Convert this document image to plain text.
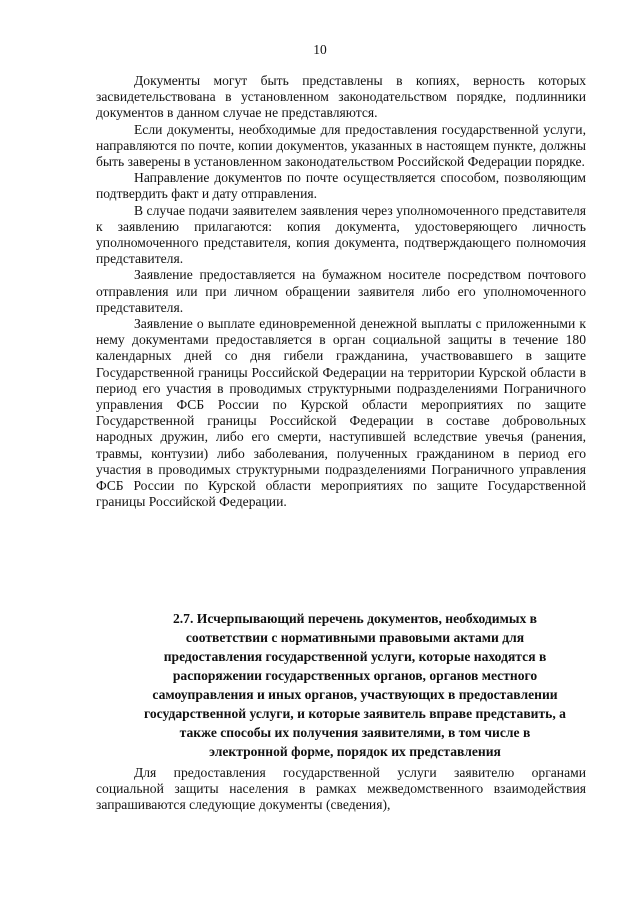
10

Документы могут быть представлены в копиях, верность которых засвидетельствована в установленном законодательством порядке, подлинники документов в данном случае не представляются.

Если документы, необходимые для предоставления государственной услуги, направляются по почте, копии документов, указанных в настоящем пункте, должны быть заверены в установленном законодательством Российской Федерации порядке.

Направление документов по почте осуществляется способом, позволяющим подтвердить факт и дату отправления.

В случае подачи заявителем заявления через уполномоченного представителя к заявлению прилагаются: копия документа, удостоверяющего личность уполномоченного представителя, копия документа, подтверждающего полномочия представителя.

Заявление предоставляется на бумажном носителе посредством почтового отправления или при личном обращении заявителя либо его уполномоченного представителя.

Заявление о выплате единовременной денежной выплаты с приложенными к нему документами предоставляется в орган социальной защиты в течение 180 календарных дней со дня гибели гражданина, участвовавшего в защите Государственной границы Российской Федерации на территории Курской области в период его участия в проводимых структурными подразделениями Пограничного управления ФСБ России по Курской области мероприятиях по защите Государственной границы Российской Федерации в составе добровольных народных дружин, либо его смерти, наступившей вследствие увечья (ранения, травмы, контузии) либо заболевания, полученных гражданином в период его участия в проводимых структурными подразделениями Пограничного управления ФСБ России по Курской области мероприятиях по защите Государственной границы Российской Федерации.

2.7. Исчерпывающий перечень документов, необходимых в соответствии с нормативными правовыми актами для предоставления государственной услуги, которые находятся в распоряжении государственных органов, органов местного самоуправления и иных органов, участвующих в предоставлении государственной услуги, и которые заявитель вправе представить, а также способы их получения заявителями, в том числе в электронной форме, порядок их представления

Для предоставления государственной услуги заявителю органами социальной защиты населения в рамках межведомственного взаимодействия запрашиваются следующие документы (сведения),
